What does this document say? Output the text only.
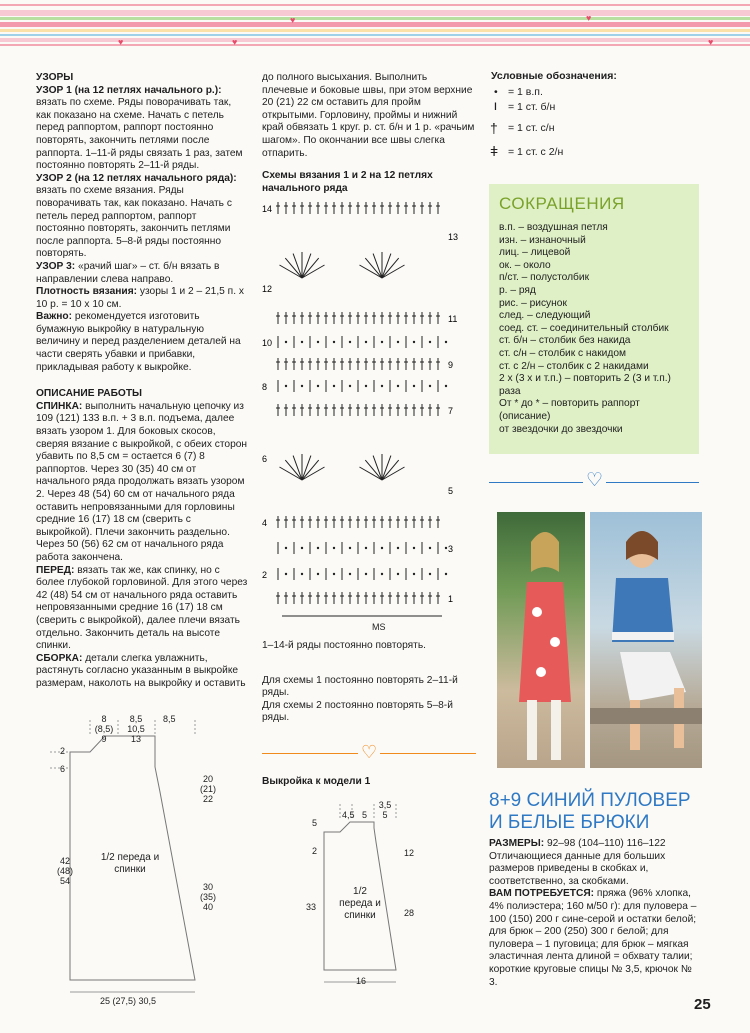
♥
♥	♥
♥
♥

УЗОРЫ

УЗОР 1 (на 12 петлях начального р.): вязать по схеме. Ряды поворачивать так, как показано на схеме. Начать с петель перед раппортом, раппорт постоянно повторять, закончить петлями после раппорта. 1–11-й ряды связать 1 раз, затем постоянно повторять 2–11-й ряды.

УЗОР 2 (на 12 петлях начального ряда): вязать по схеме вязания. Ряды поворачивать так, как показано. Начать с петель перед раппортом, раппорт постоянно повторять, закончить петлями после раппорта. 5–8-й ряды постоянно повторять.

УЗОР 3: «рачий шаг» – ст. б/н вязать в направлении слева направо.

Плотность вязания: узоры 1 и 2 – 21,5 п. х 10 р. = 10 х 10 см.

Важно: рекомендуется изготовить бумажную выкройку в натуральную величину и перед разделением деталей на части сверять убавки и прибавки, прикладывая работу к выкройке.

ОПИСАНИЕ РАБОТЫ

СПИНКА: выполнить начальную цепочку из 109 (121) 133 в.п. + 3 в.п. подъема, далее вязать узором 1. Для боковых скосов, сверяя вязание с выкройкой, с обеих сторон убавить по 8,5 см = остается 6 (7) 8 раппортов. Через 30 (35) 40 см от начального ряда продолжать вязать узором 2. Через 48 (54) 60 см от начального ряда оставить непровязанными для горловины средние 16 (17) 18 см (сверить с выкройкой). Плечи закончить раздельно. Через 50 (56) 62 см от начального ряда работа закончена.

ПЕРЕД: вязать так же, как спинку, но с более глубокой горловиной. Для этого через 42 (48) 54 см от начального ряда оставить непровязанными средние 16 (17) 18 см (сверить с выкройкой), далее плечи вязать отдельно. Закончить деталь на высоте спинки.

СБОРКА: детали слегка увлажнить, растянуть согласно указанным в выкройке размерам, наколоть на выкройку и оставить

8 (8,5) 9
8,5 10,5 13
8,5
2
6
42 (48) 54
20 (21) 22
30 (35) 40
1/2 переда и спинки
25 (27,5) 30,5

до полного высыхания. Выполнить плечевые и боковые швы, при этом верхние 20 (21) 22 см оставить для пройм открытыми. Горловину, проймы и нижний край обвязать 1 круг. р. ст. б/н и 1 р. «рачьим шагом». По окончании все швы слегка отпарить.

Схемы вязания 1 и 2 на 12 петлях начального ряда

14
13
12
11
10
9
8
7
6
5
4
3
2
1
MS

1–14-й ряды постоянно повторять.

Для схемы 1 постоянно повторять 2–11-й ряды.

Для схемы 2 постоянно повторять 5–8-й ряды.

♡
Выкройка к модели 1
4,5 5
3,5 5
5
2
33
12
28
1/2 переда и спинки
16
Условные обозначения:
• = 1 в.п.
ǀ = 1 ст. б/н
† = 1 ст. с/н
ǂ = 1 ст. с 2/н
СОКРАЩЕНИЯ
в.п. – воздушная петля
изн. – изнаночный
лиц. – лицевой
ок. – около
п/ст. – полустолбик
р. – ряд
рис. – рисунок
след. – следующий
соед. ст. – соединительный столбик
ст. б/н – столбик без накида
ст. с/н – столбик с накидом
ст. с 2/н – столбик с 2 накидами
2 х (3 х и т.п.) – повторить 2 (3 и т.п.) раза
От * до * – повторить раппорт (описание)
от звездочки до звездочки
♡
8+9 СИНИЙ ПУЛОВЕР
И БЕЛЫЕ БРЮКИ

РАЗМЕРЫ: 92–98 (104–110) 116–122

Отличающиеся данные для больших размеров приведены в скобках и, соответственно, за скобками.

ВАМ ПОТРЕБУЕТСЯ: пряжа (96% хлопка, 4% полиэстера; 160 м/50 г): для пуловера – 100 (150) 200 г сине-серой и остатки белой; для брюк – 200 (250) 300 г белой; для пуловера – 1 пуговица; для брюк – мягкая эластичная лента длиной = обхвату талии; короткие круговые спицы № 3,5, крючок № 3.

25
